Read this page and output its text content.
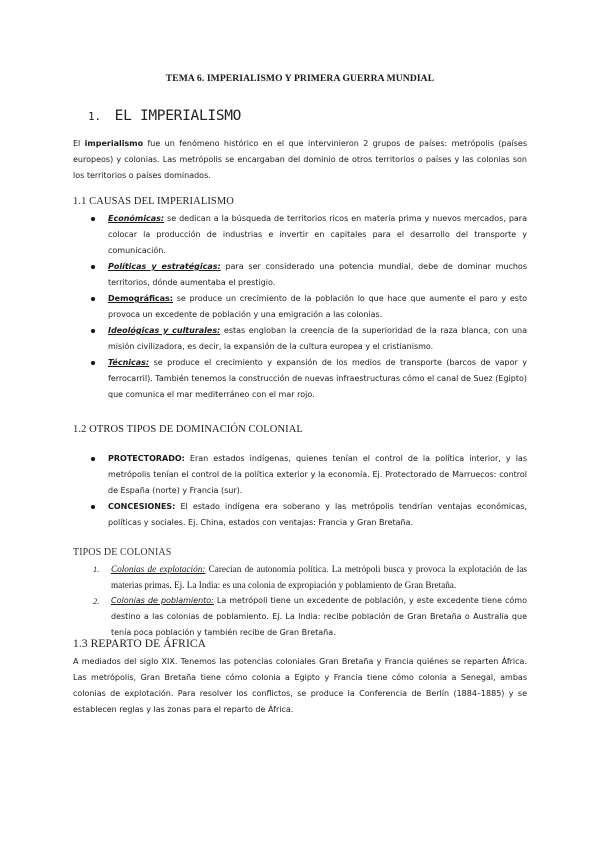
TEMA 6. IMPERIALISMO Y PRIMERA GUERRA MUNDIAL
1. EL IMPERIALISMO
El imperialismo fue un fenómeno histórico en el que intervinieron 2 grupos de países: metrópolis (países europeos) y colonias. Las metrópolis se encargaban del dominio de otros territorios o países y las colonias son los territorios o países dominados.
1.1 CAUSAS DEL IMPERIALISMO
Económicas: se dedican a la búsqueda de territorios ricos en materia prima y nuevos mercados, para colocar la producción de industrias e invertir en capitales para el desarrollo del transporte y comunicación.
Políticas y estratégicas: para ser considerado una potencia mundial, debe de dominar muchos territorios, dónde aumentaba el prestigio.
Demográficas: se produce un crecimiento de la población lo que hace que aumente el paro y esto provoca un excedente de población y una emigración a las colonias.
Ideológicas y culturales: estas engloban la creencia de la superioridad de la raza blanca, con una misión civilizadora, es decir, la expansión de la cultura europea y el cristianismo.
Técnicas: se produce el crecimiento y expansión de los medios de transporte (barcos de vapor y ferrocarril). También tenemos la construcción de nuevas infraestructuras cómo el canal de Suez (Egipto) que comunica el mar mediterráneo con el mar rojo.
1.2 OTROS TIPOS DE DOMINACIÓN COLONIAL
PROTECTORADO: Eran estados indígenas, quienes tenían el control de la política interior, y las metrópolis tenían el control de la política exterior y la economía. Ej. Protectorado de Marruecos: control de España (norte) y Francia (sur).
CONCESIONES: El estado indígena era soberano y las metrópolis tendrían ventajas económicas, políticas y sociales. Ej. China, estados con ventajas: Francia y Gran Bretaña.
TIPOS DE COLONIAS
1. Colonias de explotación: Carecían de autonomía política. La metrópoli busca y provoca la explotación de las materias primas. Ej. La India: es una colonia de expropiación y poblamiento de Gran Bretaña.
2. Colonias de poblamiento: La metrópoli tiene un excedente de población, y este excedente tiene cómo destino a las colonias de poblamiento. Ej. La India: recibe población de Gran Bretaña o Australia que tenía poca población y también recibe de Gran Bretaña.
1.3 REPARTO DE ÁFRICA
A mediados del siglo XIX. Tenemos las potencias coloniales Gran Bretaña y Francia quiénes se reparten África. Las metrópolis, Gran Bretaña tiene cómo colonia a Egipto y Francia tiene cómo colonia a Senegal, ambas colonias de explotación. Para resolver los conflictos, se produce la Conferencia de Berlín (1884–1885) y se establecen reglas y las zonas para el reparto de África.
